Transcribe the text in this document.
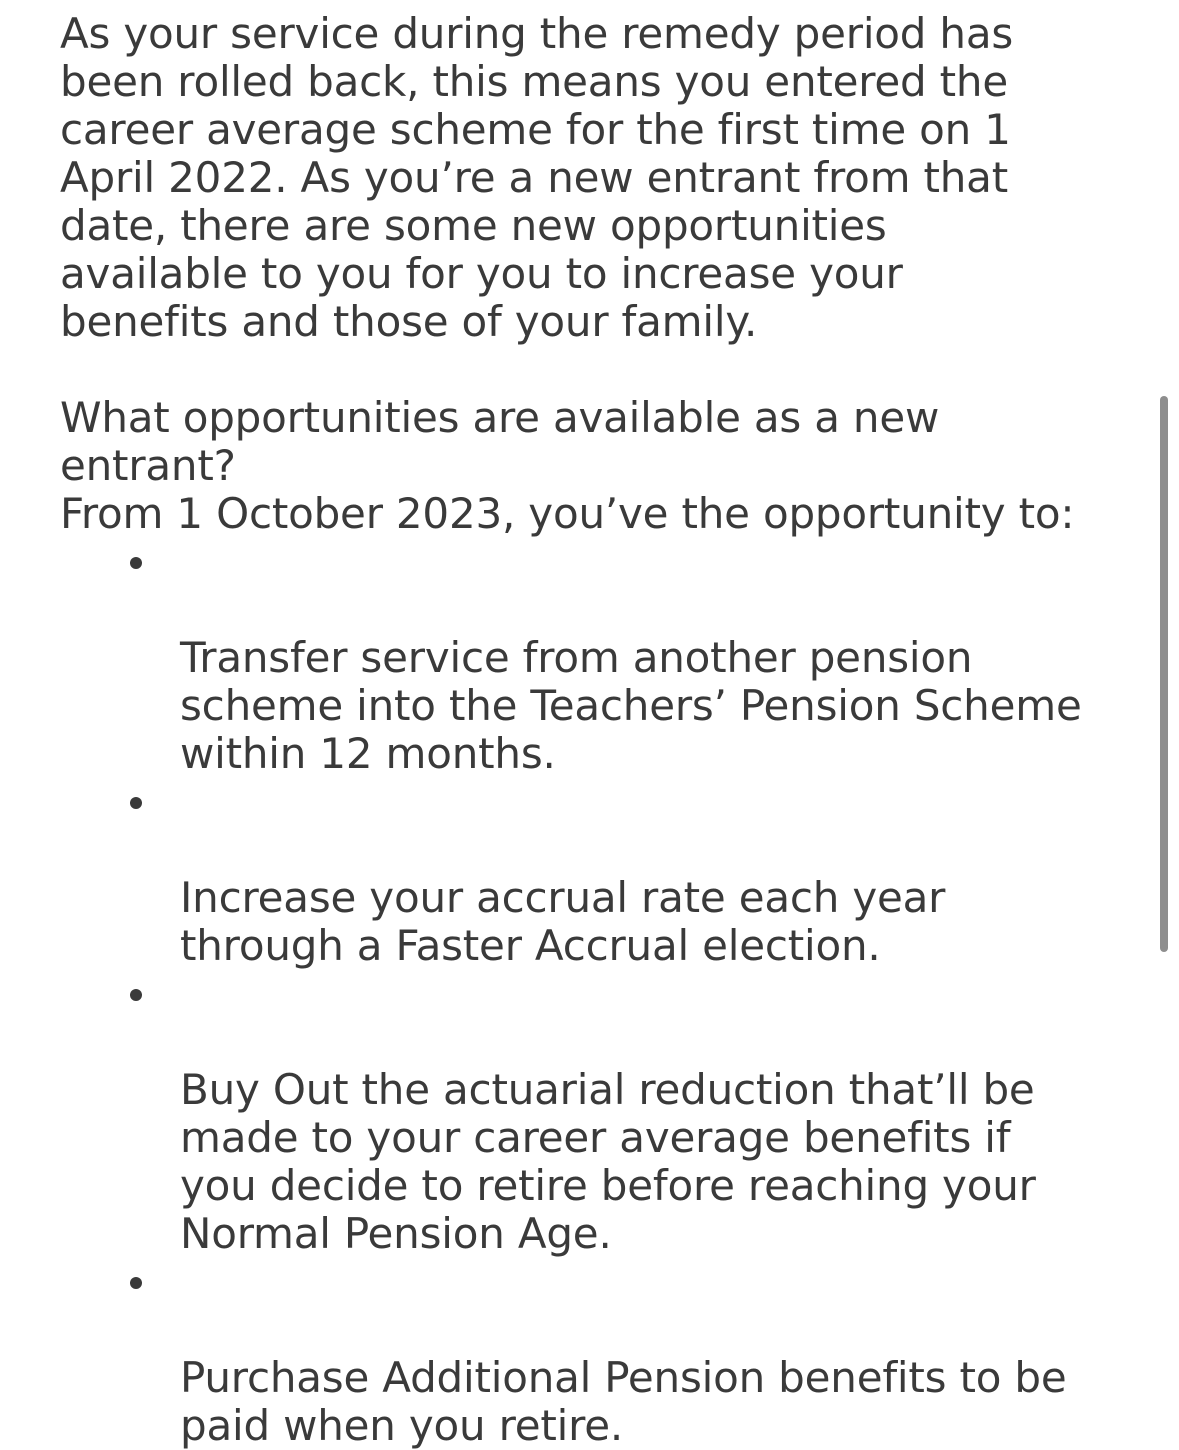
As your service during the remedy period has
been rolled back, this means you entered the
career average scheme for the first time on 1
April 2022. As you’re a new entrant from that
date, there are some new opportunities
available to you for you to increase your
benefits and those of your family.

What opportunities are available as a new
entrant?

From 1 October 2023, you’ve the opportunity to:

Transfer service from another pension
scheme into the Teachers’ Pension Scheme
within 12 months.

Increase your accrual rate each year
through a Faster Accrual election.

Buy Out the actuarial reduction that’ll be
made to your career average benefits if
you decide to retire before reaching your
Normal Pension Age.

Purchase Additional Pension benefits to be
paid when you retire.
